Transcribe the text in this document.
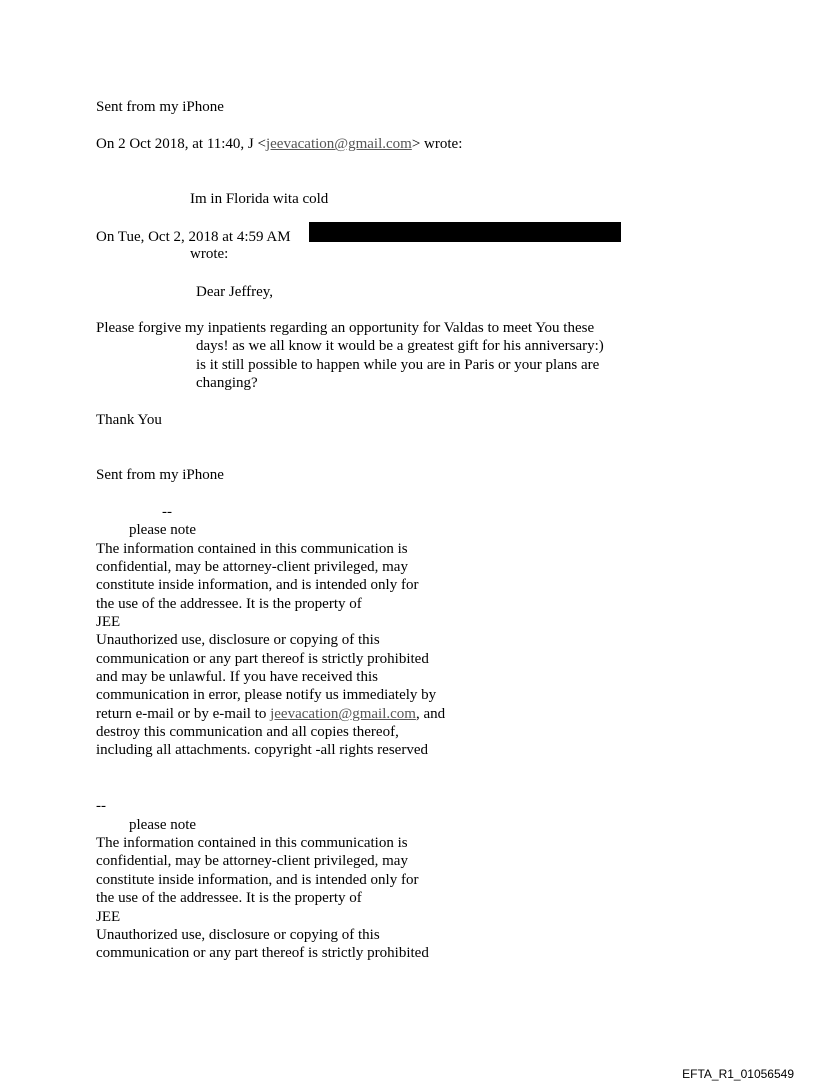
Sent from my iPhone

On 2 Oct 2018, at 11:40, J <jeevacation@gmail.com> wrote:

Im in Florida wita cold

On Tue, Oct 2, 2018 at 4:59 AM

wrote:

Dear Jeffrey,

Please forgive my inpatients regarding an opportunity for Valdas to meet You these

days! as we all know it would be a greatest gift for his anniversary:)

is it still possible to happen while you are in Paris or your plans are

changing?

Thank You

Sent from my iPhone

--

please note

The information contained in this communication is

confidential, may be attorney-client privileged, may

constitute inside information, and is intended only for

the use of the addressee. It is the property of

JEE

Unauthorized use, disclosure or copying of this

communication or any part thereof is strictly prohibited

and may be unlawful. If you have received this

communication in error, please notify us immediately by

return e-mail or by e-mail to jeevacation@gmail.com, and

destroy this communication and all copies thereof,

including all attachments. copyright -all rights reserved

--

please note

The information contained in this communication is

confidential, may be attorney-client privileged, may

constitute inside information, and is intended only for

the use of the addressee. It is the property of

JEE

Unauthorized use, disclosure or copying of this

communication or any part thereof is strictly prohibited

EFTA_R1_01056549
